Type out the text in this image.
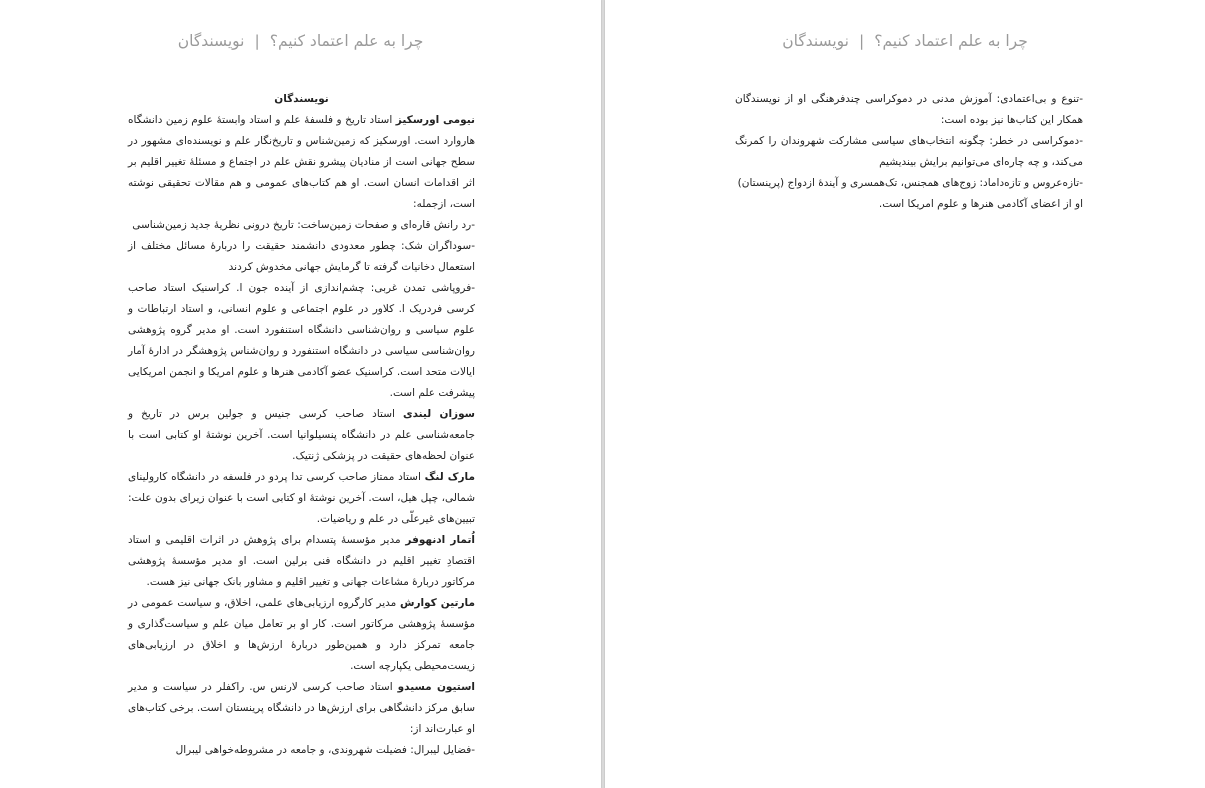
چرا به علم اعتماد کنیم؟|نویسندگان

نویسندگان

نیومی اورسکیز استاد تاریخ و فلسفهٔ علم و استاد وابستهٔ علوم زمین دانشگاه هاروارد است. اورسکیز که زمین‌شناس و تاریخ‌نگار علم و نویسنده‌ای مشهور در سطح جهانی است از منادیان پیشرو نقش علم در اجتماع و مسئلهٔ تغییر اقلیم بر اثر اقدامات انسان است. او هم کتاب‌های عمومی و هم مقالات تحقیقی نوشته است، ازجمله:

-رد رانش قاره‌ای و صفحات زمین‌ساخت: تاریخ درونی نظریهٔ جدید زمین‌شناسی

-سوداگران شک: چطور معدودی دانشمند حقیقت را دربارهٔ مسائل مختلف از استعمال دخانیات گرفته تا گرمایش جهانی مخدوش کردند

-فروپاشی تمدن غربی: چشم‌اندازی از آینده جون ا. کراسنیک استاد صاحب کرسی فردریک ا. کلاور در علوم اجتماعی و علوم انسانی، و استاد ارتباطات و علوم سیاسی و روان‌شناسی دانشگاه استنفورد است. او مدیر گروه پژوهشی روان‌شناسی سیاسی در دانشگاه استنفورد و روان‌شناس پژوهشگر در ادارهٔ آمار ایالات متحد است. کراسنیک عضو آکادمی هنرها و علوم امریکا و انجمن امریکایی پیشرفت علم است.

سوزان لیندی استاد صاحب کرسی جنیس و جولین برس در تاریخ و جامعه‌شناسی علم در دانشگاه پنسیلوانیا است. آخرین نوشتهٔ او کتابی است با عنوان لحظه‌های حقیقت در پزشکی ژنتیک.

مارک لنگ استاد ممتاز صاحب کرسی تدا پردو در فلسفه در دانشگاه کارولینای شمالی، چپل هیل، است. آخرین نوشتهٔ او کتابی است با عنوان زیرای بدون علت: تبیین‌های غیرعلّی در علم و ریاضیات.

اُتمار ادنهوفر مدیر مؤسسهٔ پتسدام برای پژوهش در اثرات اقلیمی و استاد اقتصادِ تغییر اقلیم در دانشگاه فنی برلین است. او مدیر مؤسسهٔ پژوهشی مرکاتور دربارهٔ مشاعات جهانی و تغییر اقلیم و مشاور بانک جهانی نیز هست.

مارتین کوارش مدیر کارگروه ارزیابی‌های علمی، اخلاق، و سیاست عمومی در مؤسسهٔ پژوهشی مرکاتور است. کار او بر تعامل میان علم و سیاست‌گذاری و جامعه تمرکز دارد و همین‌طور دربارهٔ ارزش‌ها و اخلاق در ارزیابی‌های زیست‌محیطی یکپارچه است.

استیون مسیدو استاد صاحب کرسی لارنس س. راکفلر در سیاست و مدیر سابق مرکز دانشگاهی برای ارزش‌ها در دانشگاه پرینستان است. برخی کتاب‌های او عبارت‌اند از:

-فضایل لیبرال: فضیلت شهروندی، و جامعه در مشروطه‌خواهی لیبرال

چرا به علم اعتماد کنیم؟|نویسندگان

-تنوع و بی‌اعتمادی: آموزش مدنی در دموکراسی چندفرهنگی او از نویسندگان همکار این کتاب‌ها نیز بوده است:

-دموکراسی در خطر: چگونه انتخاب‌های سیاسی مشارکت شهروندان را کمرنگ می‌کند، و چه چاره‌ای می‌توانیم برایش بیندیشیم

-تازه‌عروس و تازه‌داماد: زوج‌های همجنس، تک‌همسری و آیندهٔ ازدواج (پرینستان)

او از اعضای آکادمی هنرها و علوم امریکا است.
